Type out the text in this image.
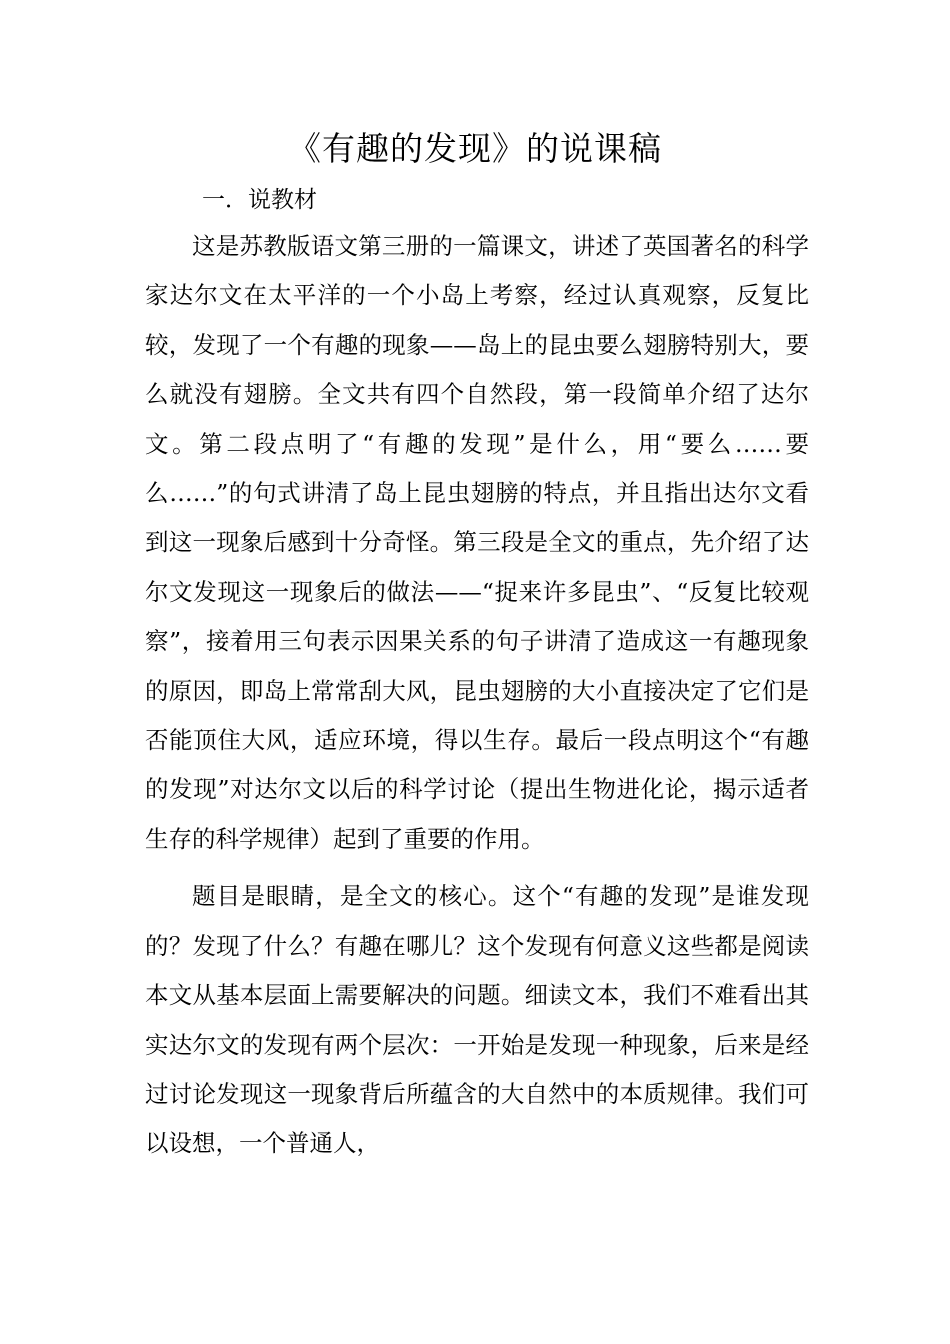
《有趣的发现》的说课稿

一．说教材

这是苏教版语文第三册的一篇课文，讲述了英国著名的科学家达尔文在太平洋的一个小岛上考察，经过认真观察，反复比较，发现了一个有趣的现象——岛上的昆虫要么翅膀特别大，要么就没有翅膀。全文共有四个自然段，第一段简单介绍了达尔文。第二段点明了“有趣的发现”是什么，用“要么……要么……”的句式讲清了岛上昆虫翅膀的特点，并且指出达尔文看到这一现象后感到十分奇怪。第三段是全文的重点，先介绍了达尔文发现这一现象后的做法——“捉来许多昆虫”、“反复比较观察”，接着用三句表示因果关系的句子讲清了造成这一有趣现象的原因，即岛上常常刮大风，昆虫翅膀的大小直接决定了它们是否能顶住大风，适应环境，得以生存。最后一段点明这个“有趣的发现”对达尔文以后的科学讨论（提出生物进化论，揭示适者生存的科学规律）起到了重要的作用。

题目是眼睛，是全文的核心。这个“有趣的发现”是谁发现的？发现了什么？有趣在哪儿？这个发现有何意义这些都是阅读本文从基本层面上需要解决的问题。细读文本，我们不难看出其实达尔文的发现有两个层次：一开始是发现一种现象，后来是经过讨论发现这一现象背后所蕴含的大自然中的本质规律。我们可以设想，一个普通人，
